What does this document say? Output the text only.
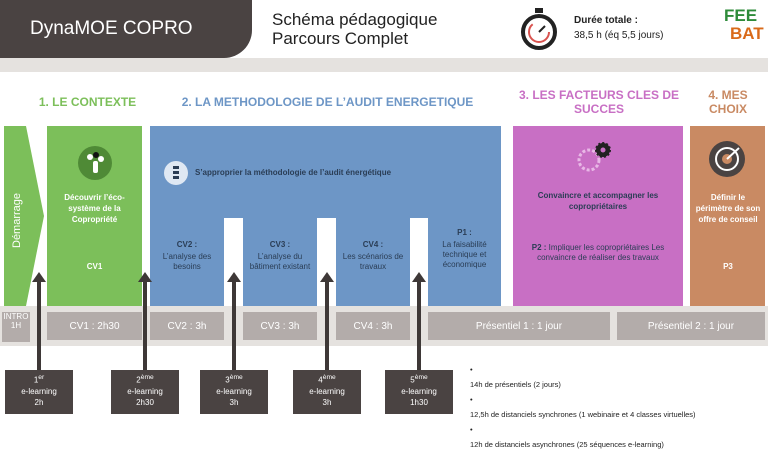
DynaMOE COPRO	Schéma pédagogique
Parcours Complet
Durée totale :
38,5 h (éq 5,5 jours)
FEE
BAT
1. LE CONTEXTE	2. LA METHODOLOGIE DE L’AUDIT ENERGETIQUE	3. LES FACTEURS CLES DE SUCCES
4. MES CHOIX
Démarrage	Découvrir l’éco-système de la Copropriété
CV1
S’approprier la méthodologie de l’audit énergétique
CV2 :
L’analyse des besoins
CV3 :
L’analyse du bâtiment existant
CV4 :
Les scénarios de travaux
P1 :
La faisabilité technique et économique
Convaincre et accompagner les copropriétaires
P2 : Impliquer les copropriétaires Les convaincre de réaliser des travaux
Définir le périmètre de son offre de conseil
P3
INTRO 1H	CV1 : 2h30	CV2 : 3h	CV3 : 3h	CV4 : 3h	Présentiel 1 : 1 jour	Présentiel 2 : 1 jour
1er
e-learning
2h
2ème
e-learning
2h30
3ème
e-learning
3h
4ème
e-learning
3h
5ème
e-learning
1h30
•
14h de présentiels (2 jours)
•
12,5h de distanciels synchrones (1 webinaire et 4 classes virtuelles)
•
12h de distanciels asynchrones (25 séquences e-learning)
